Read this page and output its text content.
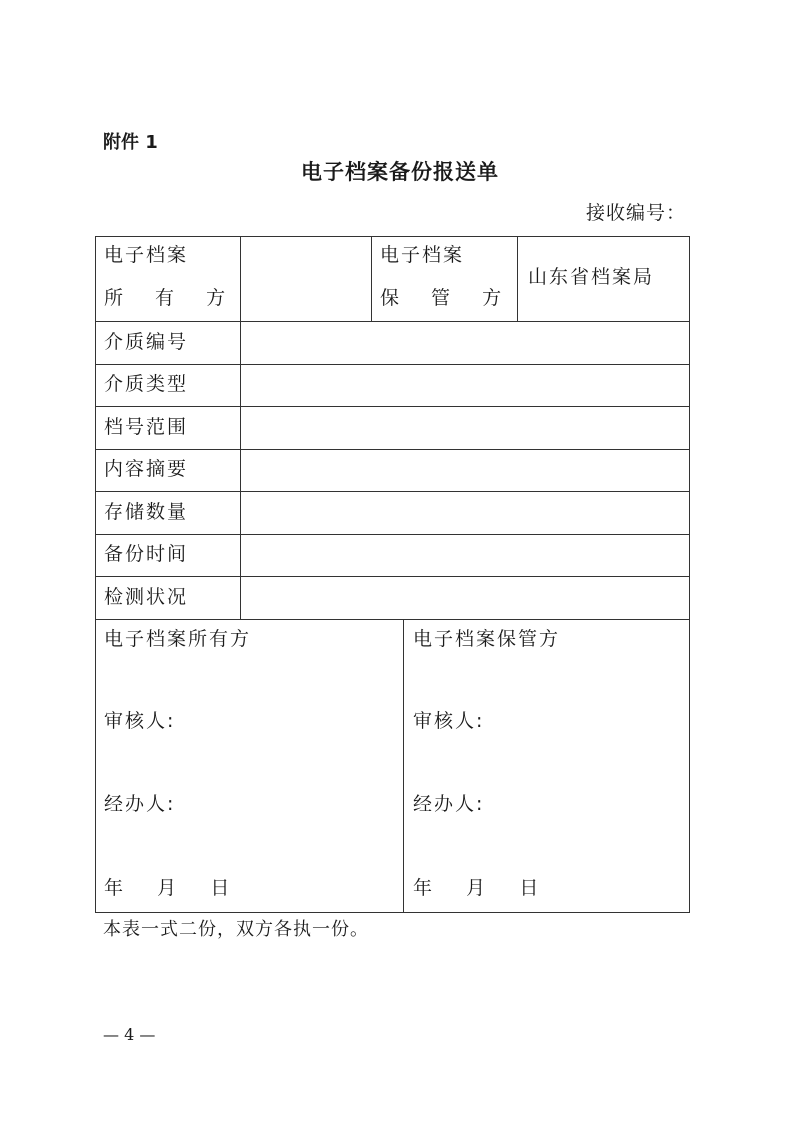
附件 1
电子档案备份报送单
接收编号：
电子档案
所 有 方
电子档案
保 管 方
山东省档案局
介质编号
介质类型
档号范围
内容摘要
存储数量
备份时间
检测状况
电子档案所有方
审核人:
经办人:
年    月    日
电子档案保管方
审核人:
经办人:
年    月    日
本表一式二份，双方各执一份。
— 4 —
